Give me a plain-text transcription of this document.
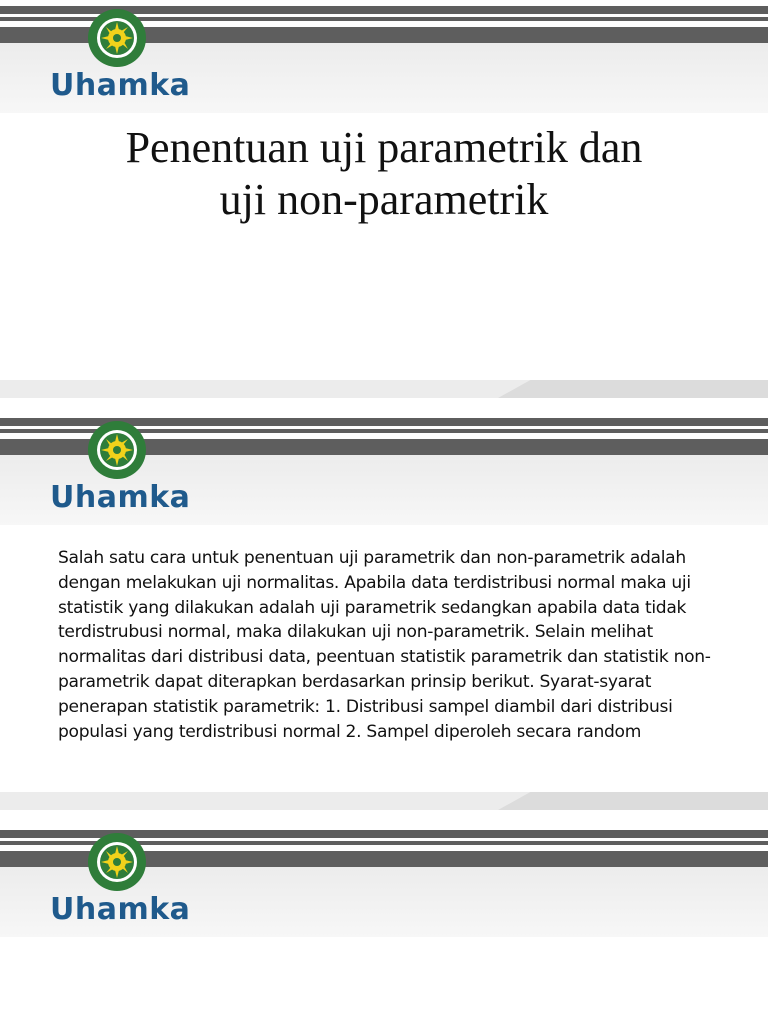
Uhamka
Penentuan uji parametrik dan
uji non-parametrik
Uhamka

Salah satu cara untuk penentuan uji parametrik dan non-parametrik adalah dengan melakukan uji normalitas. Apabila data terdistribusi normal maka uji statistik yang dilakukan adalah uji parametrik sedangkan apabila data tidak terdistrubusi normal, maka dilakukan uji non-parametrik. Selain melihat normalitas dari distribusi data, peentuan statistik parametrik dan statistik non-parametrik dapat diterapkan berdasarkan prinsip berikut. Syarat-syarat penerapan statistik parametrik: 1. Distribusi sampel diambil dari distribusi populasi yang terdistribusi normal 2. Sampel diperoleh secara random

Uhamka
